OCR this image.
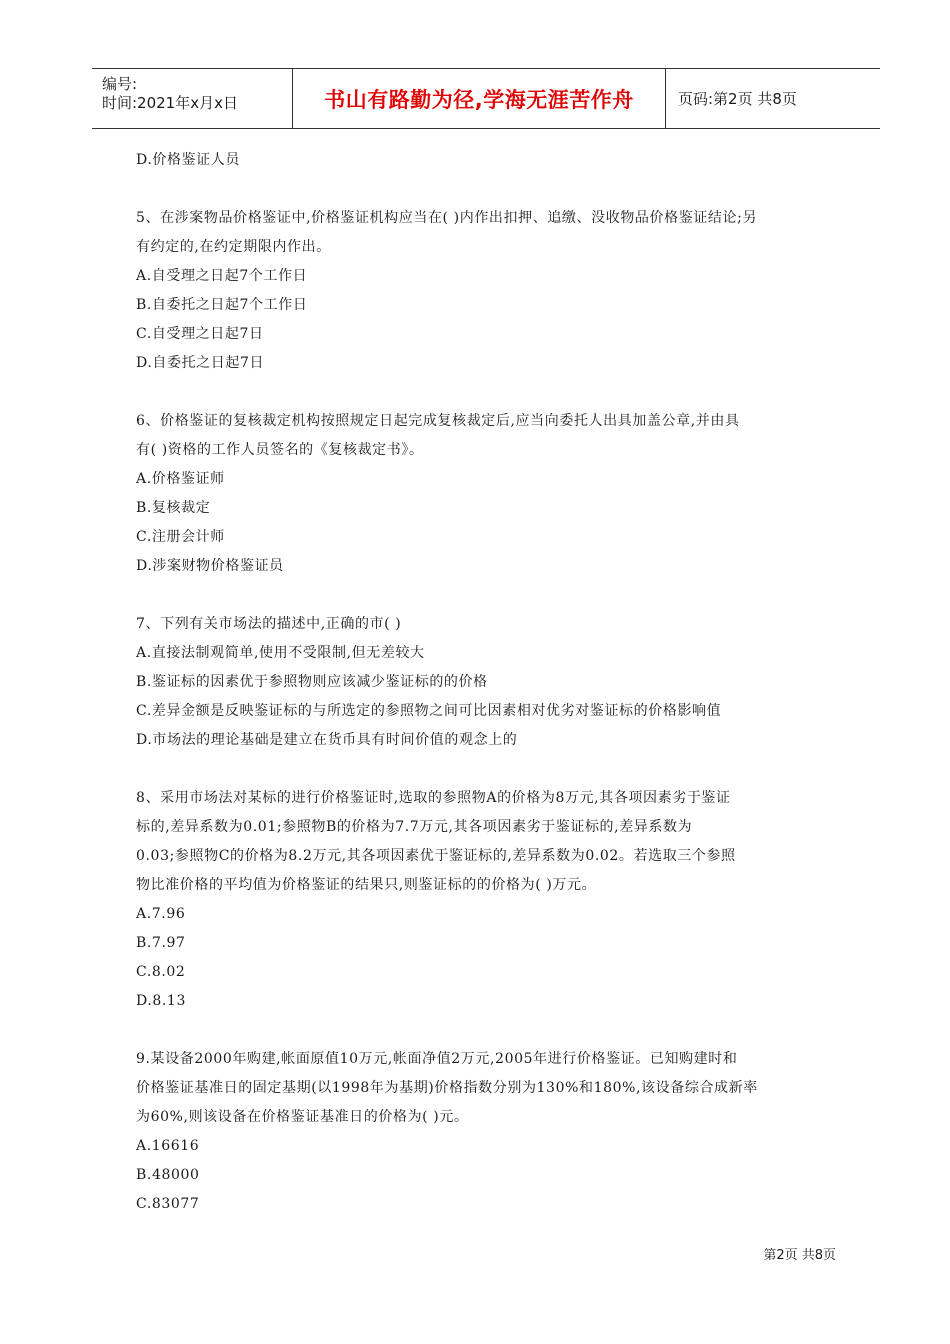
编号:
时间:2021年x月x日	书山有路勤为径,学海无涯苦作舟	页码:第2页 共8页
D.价格鉴证人员
5、在涉案物品价格鉴证中,价格鉴证机构应当在( )内作出扣押、追缴、没收物品价格鉴证结论;另
有约定的,在约定期限内作出。
A.自受理之日起7个工作日
B.自委托之日起7个工作日
C.自受理之日起7日
D.自委托之日起7日
6、价格鉴证的复核裁定机构按照规定日起完成复核裁定后,应当向委托人出具加盖公章,并由具
有( )资格的工作人员签名的《复核裁定书》。
A.价格鉴证师
B.复核裁定
C.注册会计师
D.涉案财物价格鉴证员
7、下列有关市场法的描述中,正确的市( )
A.直接法制观简单,使用不受限制,但无差较大
B.鉴证标的因素优于参照物则应该减少鉴证标的的价格
C.差异金额是反映鉴证标的与所选定的参照物之间可比因素相对优劣对鉴证标的价格影响值
D.市场法的理论基础是建立在货币具有时间价值的观念上的
8、采用市场法对某标的进行价格鉴证时,选取的参照物A的价格为8万元,其各项因素劣于鉴证
标的,差异系数为0.01;参照物B的价格为7.7万元,其各项因素劣于鉴证标的,差异系数为
0.03;参照物C的价格为8.2万元,其各项因素优于鉴证标的,差异系数为0.02。若选取三个参照
物比准价格的平均值为价格鉴证的结果只,则鉴证标的的价格为( )万元。
A.7.96
B.7.97
C.8.02
D.8.13
9.某设备2000年购建,帐面原值10万元,帐面净值2万元,2005年进行价格鉴证。已知购建时和
价格鉴证基准日的固定基期(以1998年为基期)价格指数分别为130%和180%,该设备综合成新率
为60%,则该设备在价格鉴证基准日的价格为( )元。
A.16616
B.48000
C.83077
第2页 共8页
